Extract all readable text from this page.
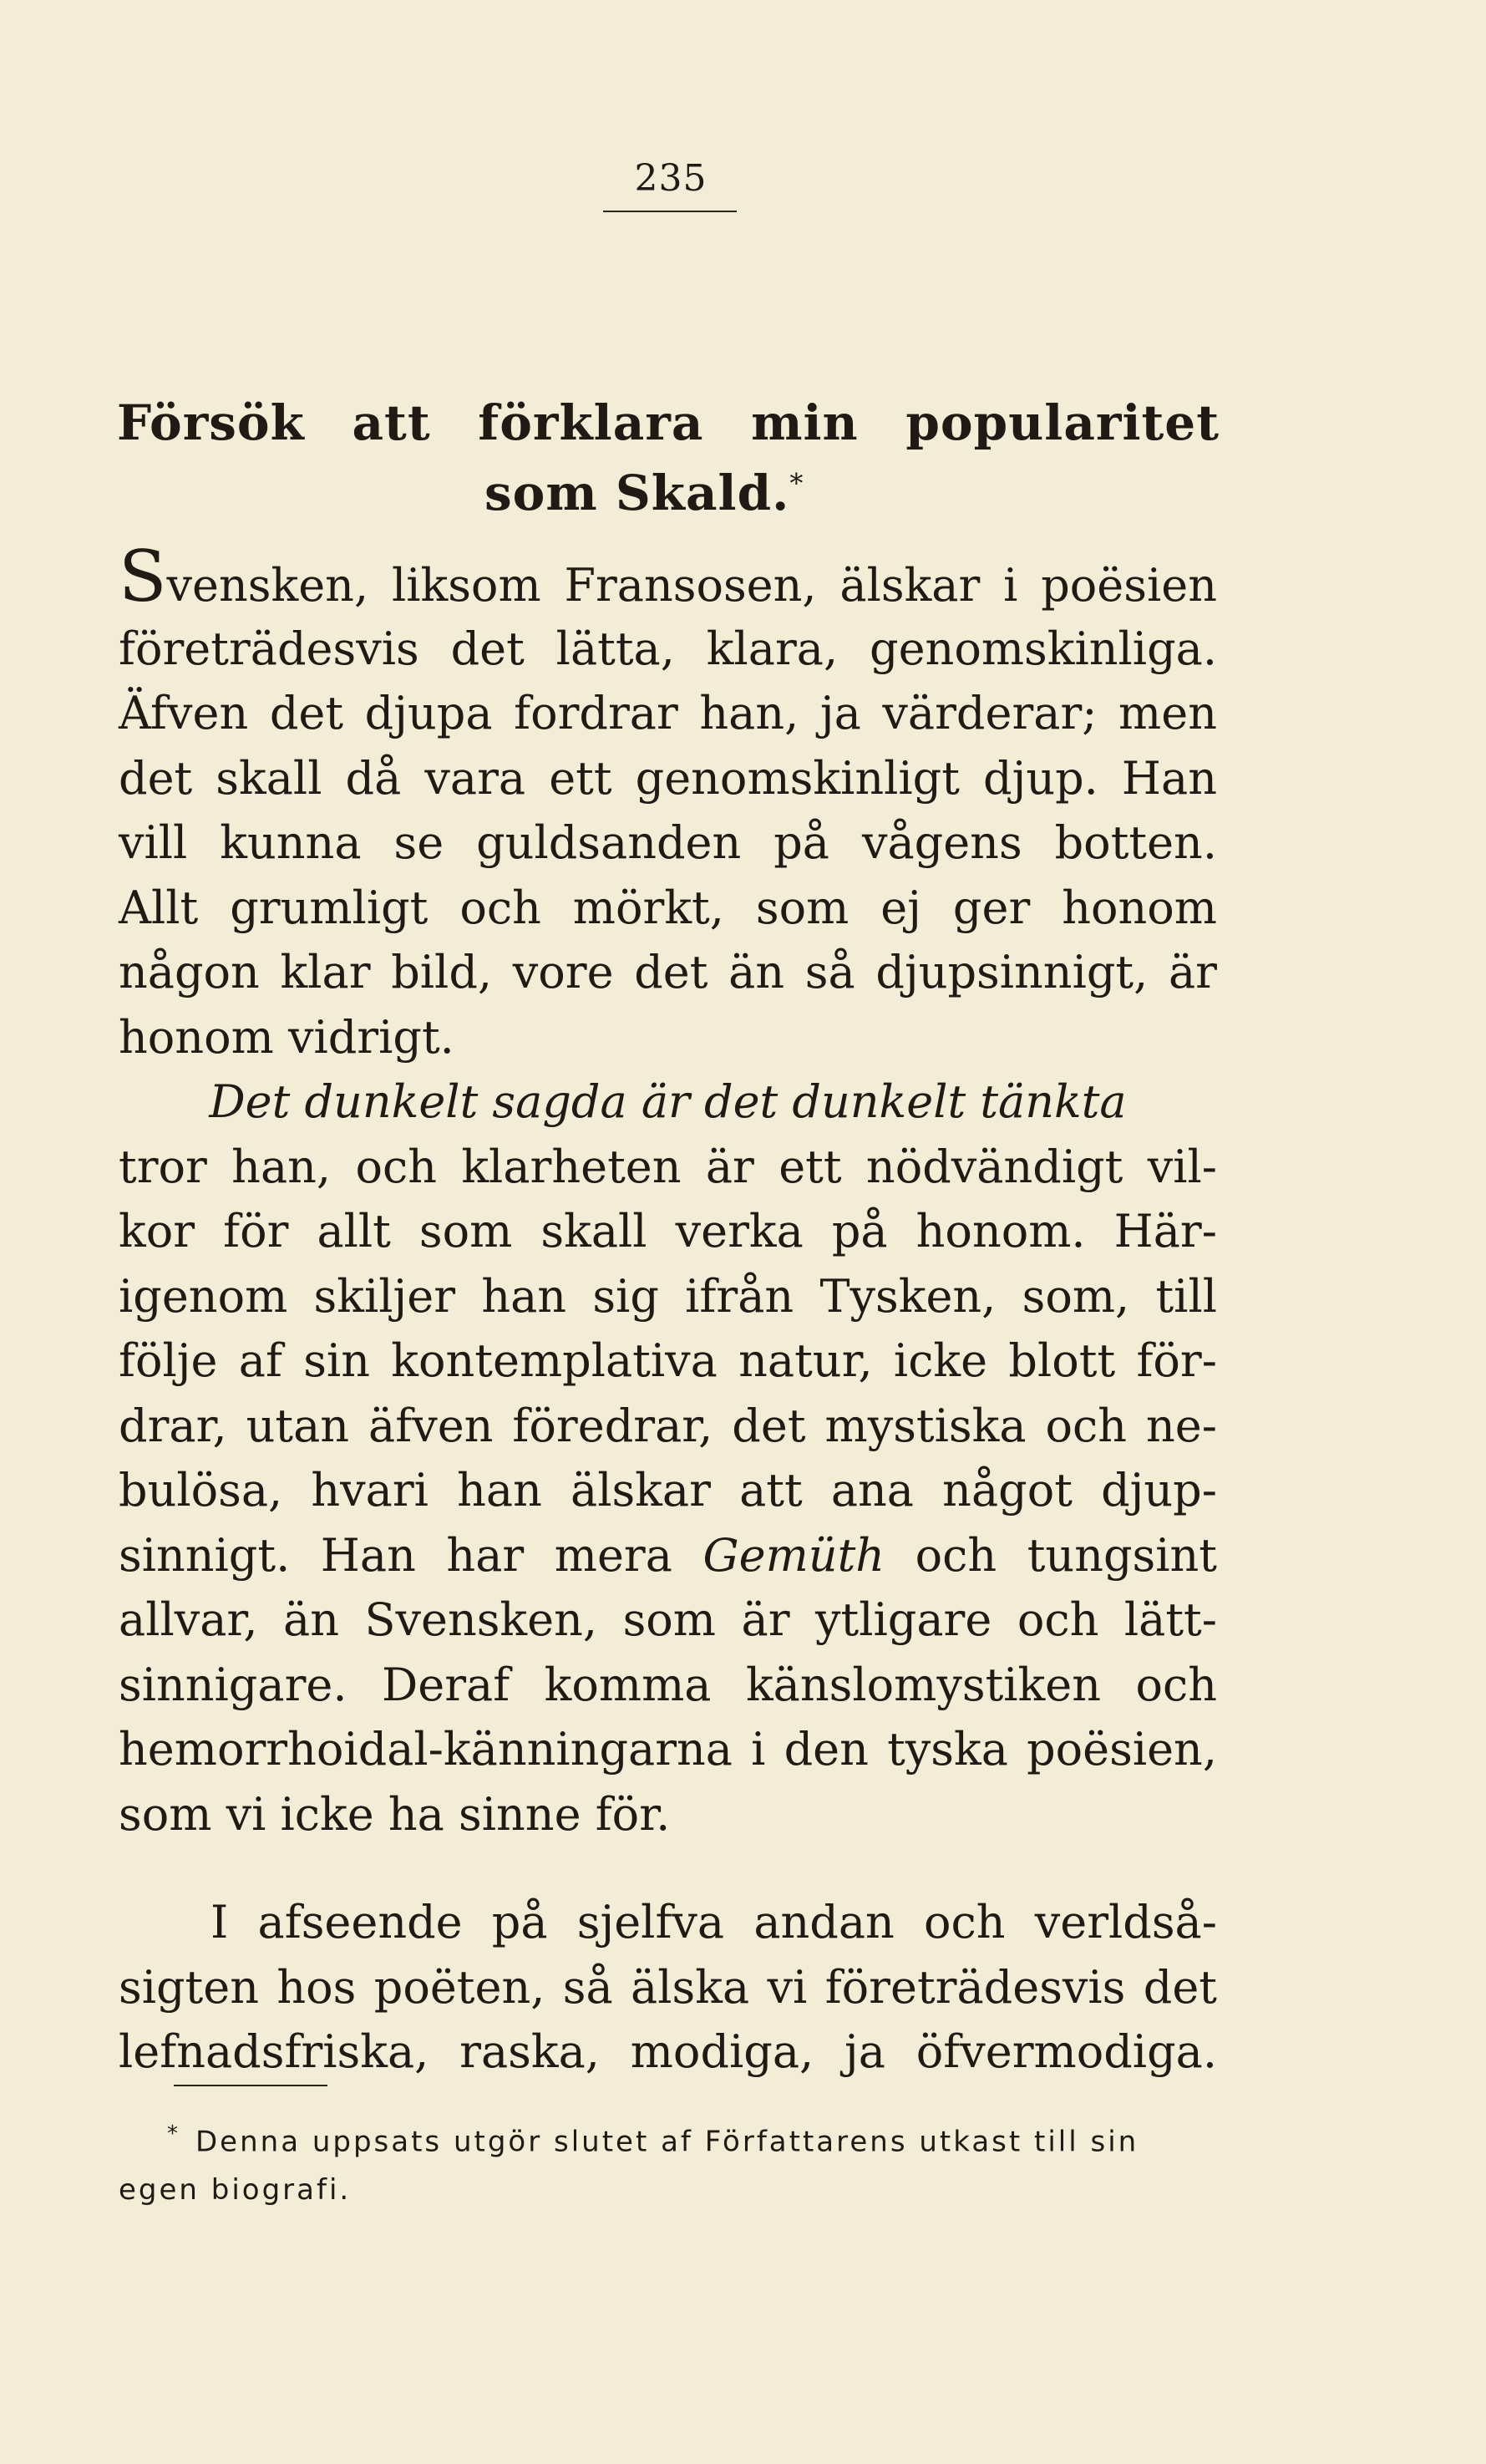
235
Försök att förklara min popularitet
som Skald.*
Svensken, liksom Fransosen, älskar i poësien
företrädesvis det lätta, klara, genomskinliga.
Äfven det djupa fordrar han, ja värderar; men
det skall då vara ett genomskinligt djup. Han
vill kunna se guldsanden på vågens botten.
Allt grumligt och mörkt, som ej ger honom
någon klar bild, vore det än så djupsinnigt, är
honom vidrigt.
Det dunkelt sagda är det dunkelt tänkta
tror han, och klarheten är ett nödvändigt vil-
kor för allt som skall verka på honom. Här-
igenom skiljer han sig ifrån Tysken, som, till
följe af sin kontemplativa natur, icke blott för-
drar, utan äfven föredrar, det mystiska och ne-
bulösa, hvari han älskar att ana något djup-
sinnigt. Han har mera Gemüth och tungsint
allvar, än Svensken, som är ytligare och lätt-
sinnigare. Deraf komma känslomystiken och
hemorrhoidal-känningarna i den tyska poësien,
som vi icke ha sinne för.
I afseende på sjelfva andan och verldså-
sigten hos poëten, så älska vi företrädesvis det
lefnadsfriska, raska, modiga, ja öfvermodiga.
* Denna uppsats utgör slutet af Författarens utkast till sin
egen biografi.
